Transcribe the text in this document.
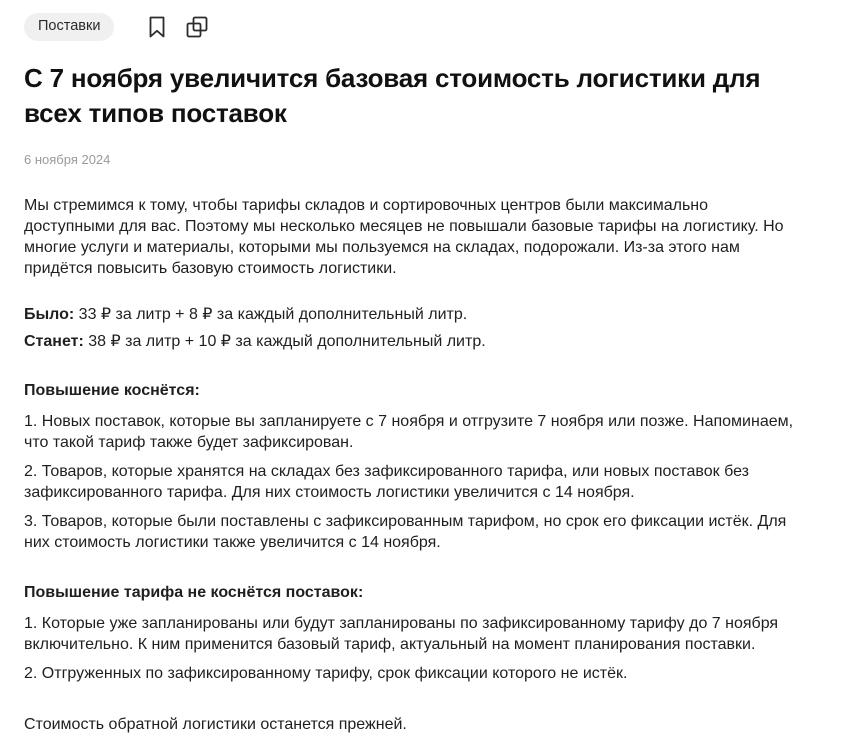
Поставки
С 7 ноября увеличится базовая стоимость логистики для всех типов поставок
6 ноября 2024

Мы стремимся к тому, чтобы тарифы складов и сортировочных центров были максимально доступными для вас. Поэтому мы несколько месяцев не повышали базовые тарифы на логистику. Но многие услуги и материалы, которыми мы пользуемся на складах, подорожали. Из-за этого нам придётся повысить базовую стоимость логистики.

Было: 33 ₽ за литр + 8 ₽ за каждый дополнительный литр.

Станет: 38 ₽ за литр + 10 ₽ за каждый дополнительный литр.

Повышение коснётся:

1. Новых поставок, которые вы запланируете с 7 ноября и отгрузите 7 ноября или позже. Напоминаем, что такой тариф также будет зафиксирован.

2. Товаров, которые хранятся на складах без зафиксированного тарифа, или новых поставок без зафиксированного тарифа. Для них стоимость логистики увеличится с 14 ноября.

3. Товаров, которые были поставлены с зафиксированным тарифом, но срок его фиксации истёк. Для них стоимость логистики также увеличится с 14 ноября.

Повышение тарифа не коснётся поставок:

1. Которые уже запланированы или будут запланированы по зафиксированному тарифу до 7 ноября включительно. К ним применится базовый тариф, актуальный на момент планирования поставки.

2. Отгруженных по зафиксированному тарифу, срок фиксации которого не истёк.

Стоимость обратной логистики останется прежней.
